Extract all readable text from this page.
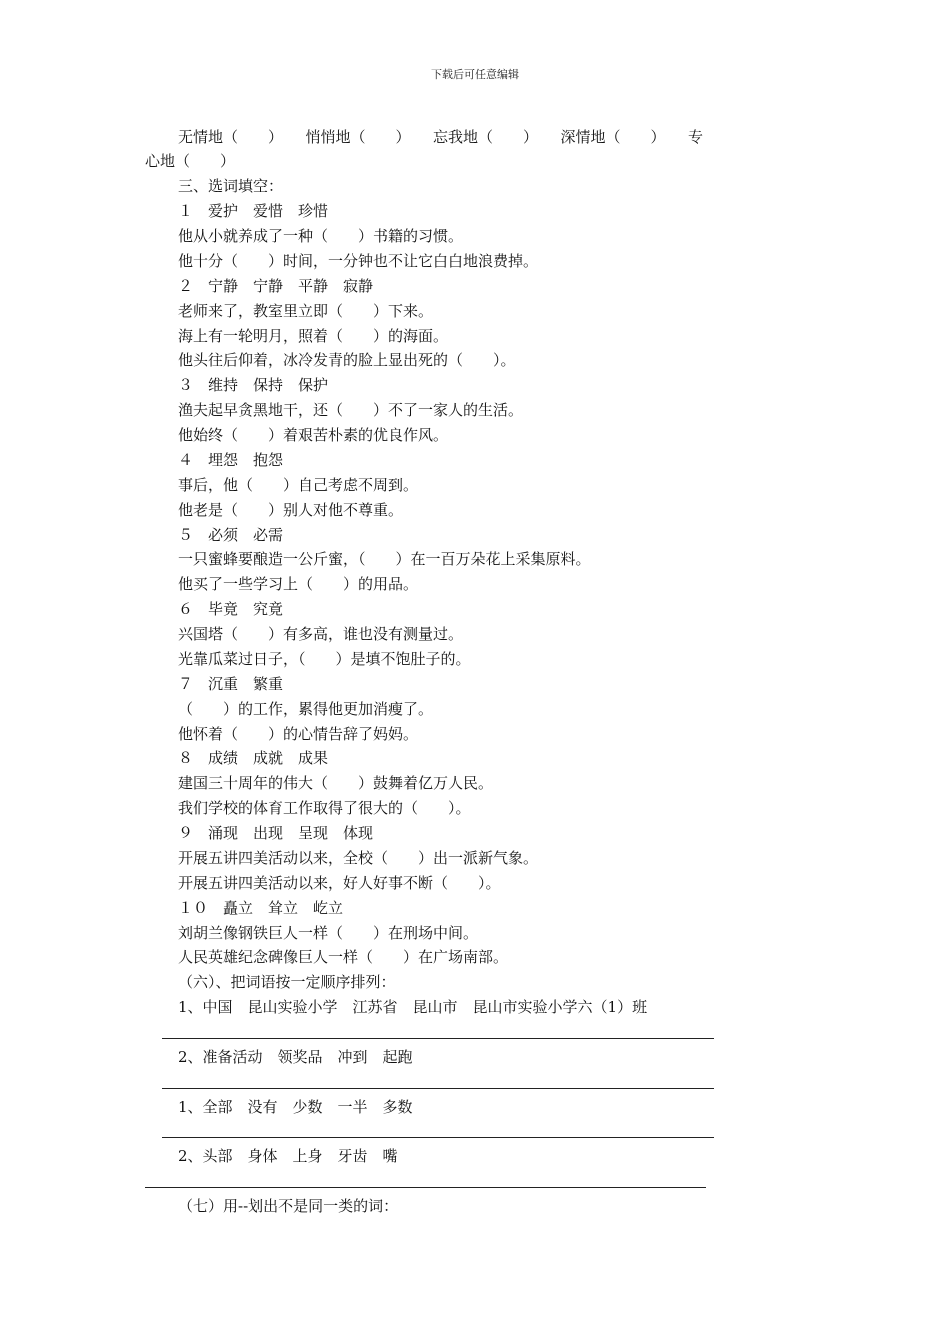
下载后可任意编辑
无情地（　　）　　悄悄地（　　）　　忘我地（　　）　　深情地（　　）　　专
心地（　　）
三、选词填空：
１　爱护　爱惜　珍惜
他从小就养成了一种（　　）书籍的习惯。
他十分（　　）时间，一分钟也不让它白白地浪费掉。
２　宁静　宁静　平静　寂静
老师来了，教室里立即（　　）下来。
海上有一轮明月，照着（　　）的海面。
他头往后仰着，冰冷发青的脸上显出死的（　　）。
３　维持　保持　保护
渔夫起早贪黑地干，还（　　）不了一家人的生活。
他始终（　　）着艰苦朴素的优良作风。
４　埋怨　抱怨
事后，他（　　）自己考虑不周到。
他老是（　　）别人对他不尊重。
５　必须　必需
一只蜜蜂要酿造一公斤蜜，（　　）在一百万朵花上采集原料。
他买了一些学习上（　　）的用品。
６　毕竟　究竟
兴国塔（　　）有多高，谁也没有测量过。
光靠瓜菜过日子，（　　）是填不饱肚子的。
７　沉重　繁重
（　　）的工作，累得他更加消瘦了。
他怀着（　　）的心情告辞了妈妈。
８　成绩　成就　成果
建国三十周年的伟大（　　）鼓舞着亿万人民。
我们学校的体育工作取得了很大的（　　）。
９　涌现　出现　呈现　体现
开展五讲四美活动以来，全校（　　）出一派新气象。
开展五讲四美活动以来，好人好事不断（　　）。
１０　矗立　耸立　屹立
刘胡兰像钢铁巨人一样（　　）在刑场中间。
人民英雄纪念碑像巨人一样（　　）在广场南部。
（六）、把词语按一定顺序排列：
1、中国　昆山实验小学　江苏省　昆山市　昆山市实验小学六（1）班
2、准备活动　领奖品　冲到　起跑
1、全部　没有　少数　一半　多数
2、头部　身体　上身　牙齿　嘴
（七）用--划出不是同一类的词：
